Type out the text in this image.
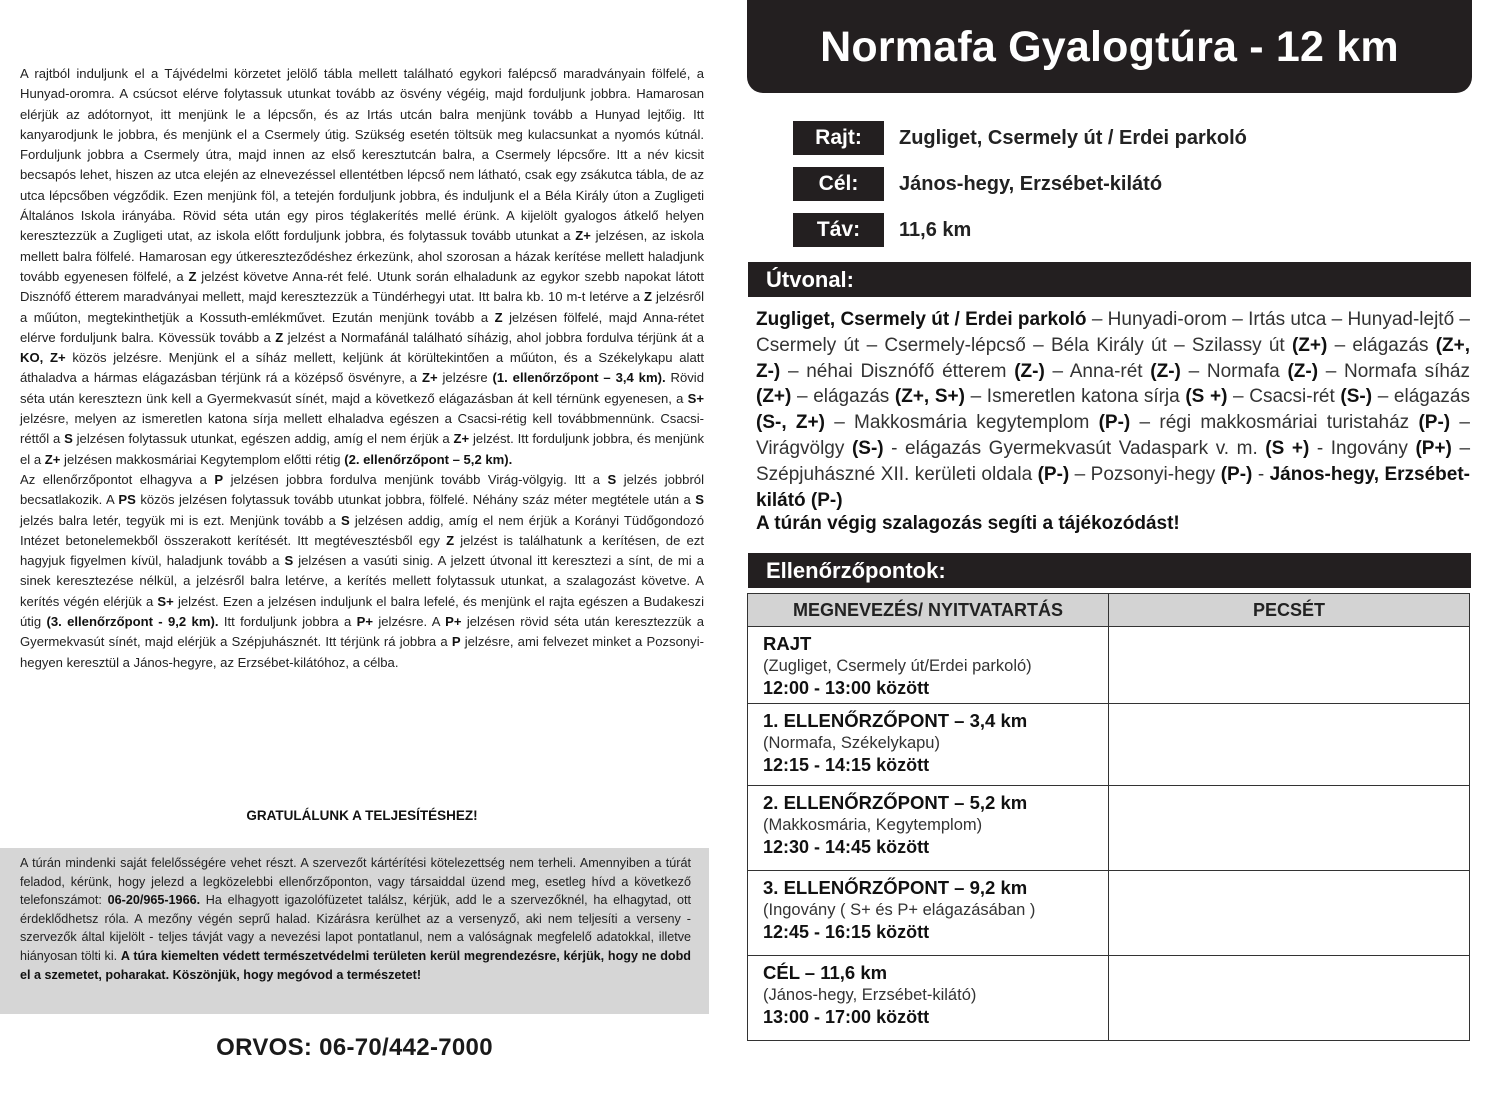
A rajtból induljunk el a Tájvédelmi körzetet jelölő tábla mellett található egykori falépcső maradványain fölfelé, a Hunyad-oromra. A csúcsot elérve folytassuk utunkat tovább az ösvény végéig, majd forduljunk jobbra. Hamarosan elérjük az adótornyot, itt menjünk le a lépcsőn, és az Irtás utcán balra menjünk tovább a Hunyad lejtőig. Itt kanyarodjunk le jobbra, és menjünk el a Csermely útig. Szükség esetén töltsük meg kulacsunkat a nyomós kútnál. Forduljunk jobbra a Csermely útra, majd innen az első keresztutcán balra, a Csermely lépcsőre. Itt a név kicsit becsapós lehet, hiszen az utca elején az elnevezéssel ellentétben lépcső nem látható, csak egy zsákutca tábla, de az utca lépcsőben végződik. Ezen menjünk föl, a tetején forduljunk jobbra, és induljunk el a Béla Király úton a Zugligeti Általános Iskola irányába. Rövid séta után egy piros téglakerítés mellé érünk. A kijelölt gyalogos átkelő helyen keresztezzük a Zugligeti utat, az iskola előtt forduljunk jobbra, és folytassuk tovább utunkat a Z+ jelzésen, az iskola mellett balra fölfelé. Hamarosan egy útkereszteződéshez érkezünk, ahol szorosan a házak kerítése mellett haladjunk tovább egyenesen fölfelé, a Z jelzést követve Anna-rét felé. Utunk során elhaladunk az egykor szebb napokat látott Disznófő étterem maradványai mellett, majd keresztezzük a Tündérhegyi utat. Itt balra kb. 10 m-t letérve a Z jelzésről a műúton, megtekinthetjük a Kossuth-emlékművet. Ezután menjünk tovább a Z jelzésen fölfelé, majd Anna-rétet elérve forduljunk balra. Kövessük tovább a Z jelzést a Normafánál található síházig, ahol jobbra fordulva térjünk át a KO, Z+ közös jelzésre. Menjünk el a síház mellett, keljünk át körültekintően a műúton, és a Székelykapu alatt áthaladva a hármas elágazásban térjünk rá a középső ösvényre, a Z+ jelzésre (1. ellenőrzőpont – 3,4 km). Rövid séta után keresztezn ünk kell a Gyermekvasút sínét, majd a következő elágazásban át kell térnünk egyenesen, a S+ jelzésre, melyen az ismeretlen katona sírja mellett elhaladva egészen a Csacsi-rétig kell továbbmennünk. Csacsi-réttől a S jelzésen folytassuk utunkat, egészen addig, amíg el nem érjük a Z+ jelzést. Itt forduljunk jobbra, és menjünk el a Z+ jelzésen makkosmáriai Kegytemplom előtti rétig (2. ellenőrzőpont – 5,2 km).
Az ellenőrzőpontot elhagyva a P jelzésen jobbra fordulva menjünk tovább Virág-völgyig. Itt a S jelzés jobbról becsatlakozik. A PS közös jelzésen folytassuk tovább utunkat jobbra, fölfelé. Néhány száz méter megtétele után a S jelzés balra letér, tegyük mi is ezt. Menjünk tovább a S jelzésen addig, amíg el nem érjük a Korányi Tüdőgondozó Intézet betonelemekből összerakott kerítését. Itt megtévesztésből egy Z jelzést is találhatunk a kerítésen, de ezt hagyjuk figyelmen kívül, haladjunk tovább a S jelzésen a vasúti sinig. A jelzett útvonal itt keresztezi a sínt, de mi a sinek keresztezése nélkül, a jelzésről balra letérve, a kerítés mellett folytassuk utunkat, a szalagozást követve. A kerítés végén elérjük a S+ jelzést. Ezen a jelzésen induljunk el balra lefelé, és menjünk el rajta egészen a Budakeszi útig (3. ellenőrzőpont - 9,2 km). Itt forduljunk jobbra a P+ jelzésre. A P+ jelzésen rövid séta után keresztezzük a Gyermekvasút sínét, majd elérjük a Szépjuhásznét. Itt térjünk rá jobbra a P jelzésre, ami felvezet minket a Pozsonyi-hegyen keresztül a János-hegyre, az Erzsébet-kilátóhoz, a célba.

GRATULÁLUNK A TELJESÍTÉSHEZ!

A túrán mindenki saját felelősségére vehet részt. A szervezőt kártérítési kötelezettség nem terheli. Amennyiben a túrát feladod, kérünk, hogy jelezd a legközelebbi ellenőrzőponton, vagy társaiddal üzend meg, esetleg hívd a következő telefonszámot: 06-20/965-1966. Ha elhagyott igazolófüzetet találsz, kérjük, add le a szervezőknél, ha elhagytad, ott érdeklődhetsz róla. A mezőny végén seprű halad. Kizárásra kerülhet az a versenyző, aki nem teljesíti a verseny - szervezők által kijelölt - teljes távját vagy a nevezési lapot pontatlanul, nem a valóságnak megfelelő adatokkal, illetve hiányosan tölti ki. A túra kiemelten védett természetvédelmi területen kerül megrendezésre, kérjük, hogy ne dobd el a szemetet, poharakat. Köszönjük, hogy megóvod a természetet!

ORVOS: 06-70/442-7000
Normafa Gyalogtúra - 12 km
Rajt:	Zugliget, Csermely út / Erdei parkoló
Cél:	János-hegy, Erzsébet-kilátó
Táv:	11,6 km
Útvonal:

Zugliget, Csermely út / Erdei parkoló – Hunyadi-orom – Irtás utca – Hunyad-lejtő – Csermely út – Csermely-lépcső – Béla Király út – Szilassy út (Z+) – elágazás (Z+, Z-) – néhai Disznófő étterem (Z-) – Anna-rét (Z-) – Normafa (Z-) – Normafa síház (Z+) – elágazás (Z+, S+) – Ismeretlen katona sírja (S +) – Csacsi-rét (S-) – elágazás (S-, Z+) – Makkosmária kegytemplom (P-) – régi makkosmáriai turistaház (P-) – Virágvölgy (S-) - elágazás Gyermekvasút Vadaspark v. m. (S +) - Ingovány (P+) – Szépjuhászné XII. kerületi oldala (P-) – Pozsonyi-hegy (P-) - János-hegy, Erzsébet-kilátó (P-)

A túrán végig szalagozás segíti a tájékozódást!
Ellenőrzőpontok:
MEGNEVEZÉS/ NYITVATARTÁS	PECSÉT

RAJT
(Zugliget, Csermely út/Erdei parkoló)
12:00 - 13:00 között	

1. ELLENŐRZŐPONT – 3,4 km
(Normafa, Székelykapu)
12:15 - 14:15 között	

2. ELLENŐRZŐPONT – 5,2 km
(Makkosmária, Kegytemplom)
12:30 - 14:45 között	

3. ELLENŐRZŐPONT – 9,2 km
(Ingovány ( S+ és P+ elágazásában )
12:45 - 16:15 között	

CÉL – 11,6 km
(János-hegy, Erzsébet-kilátó)
13:00 - 17:00 között	
